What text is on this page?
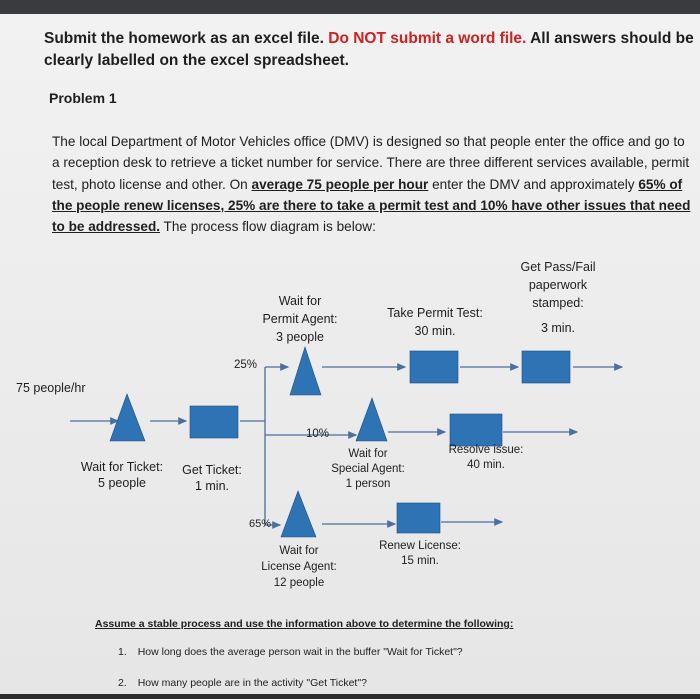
Submit the homework as an excel file. Do NOT submit a word file. All answers should be
clearly labelled on the excel spreadsheet.
Problem 1
The local Department of Motor Vehicles office (DMV) is designed so that people enter the office and go to a reception desk to retrieve a ticket number for service. There are three different services available, permit test, photo license and other. On average 75 people per hour enter the DMV and approximately 65% of the people renew licenses, 25% are there to take a permit test and 10% have other issues that need to be addressed. The process flow diagram is below:
75 people/hr
Wait for Ticket:
5 people
Get Ticket:
1 min.
25%
10%
65%
Wait for
Permit Agent:
3 people
Take Permit Test:
30 min.
Get Pass/Fail
paperwork
stamped:
3 min.
Wait for
Special Agent:
1 person
Resolve issue:
40 min.
Wait for
License Agent:
12 people
Renew License:
15 min.
Assume a stable process and use the information above to determine the following:
1. How long does the average person wait in the buffer "Wait for Ticket"?
2. How many people are in the activity "Get Ticket"?
